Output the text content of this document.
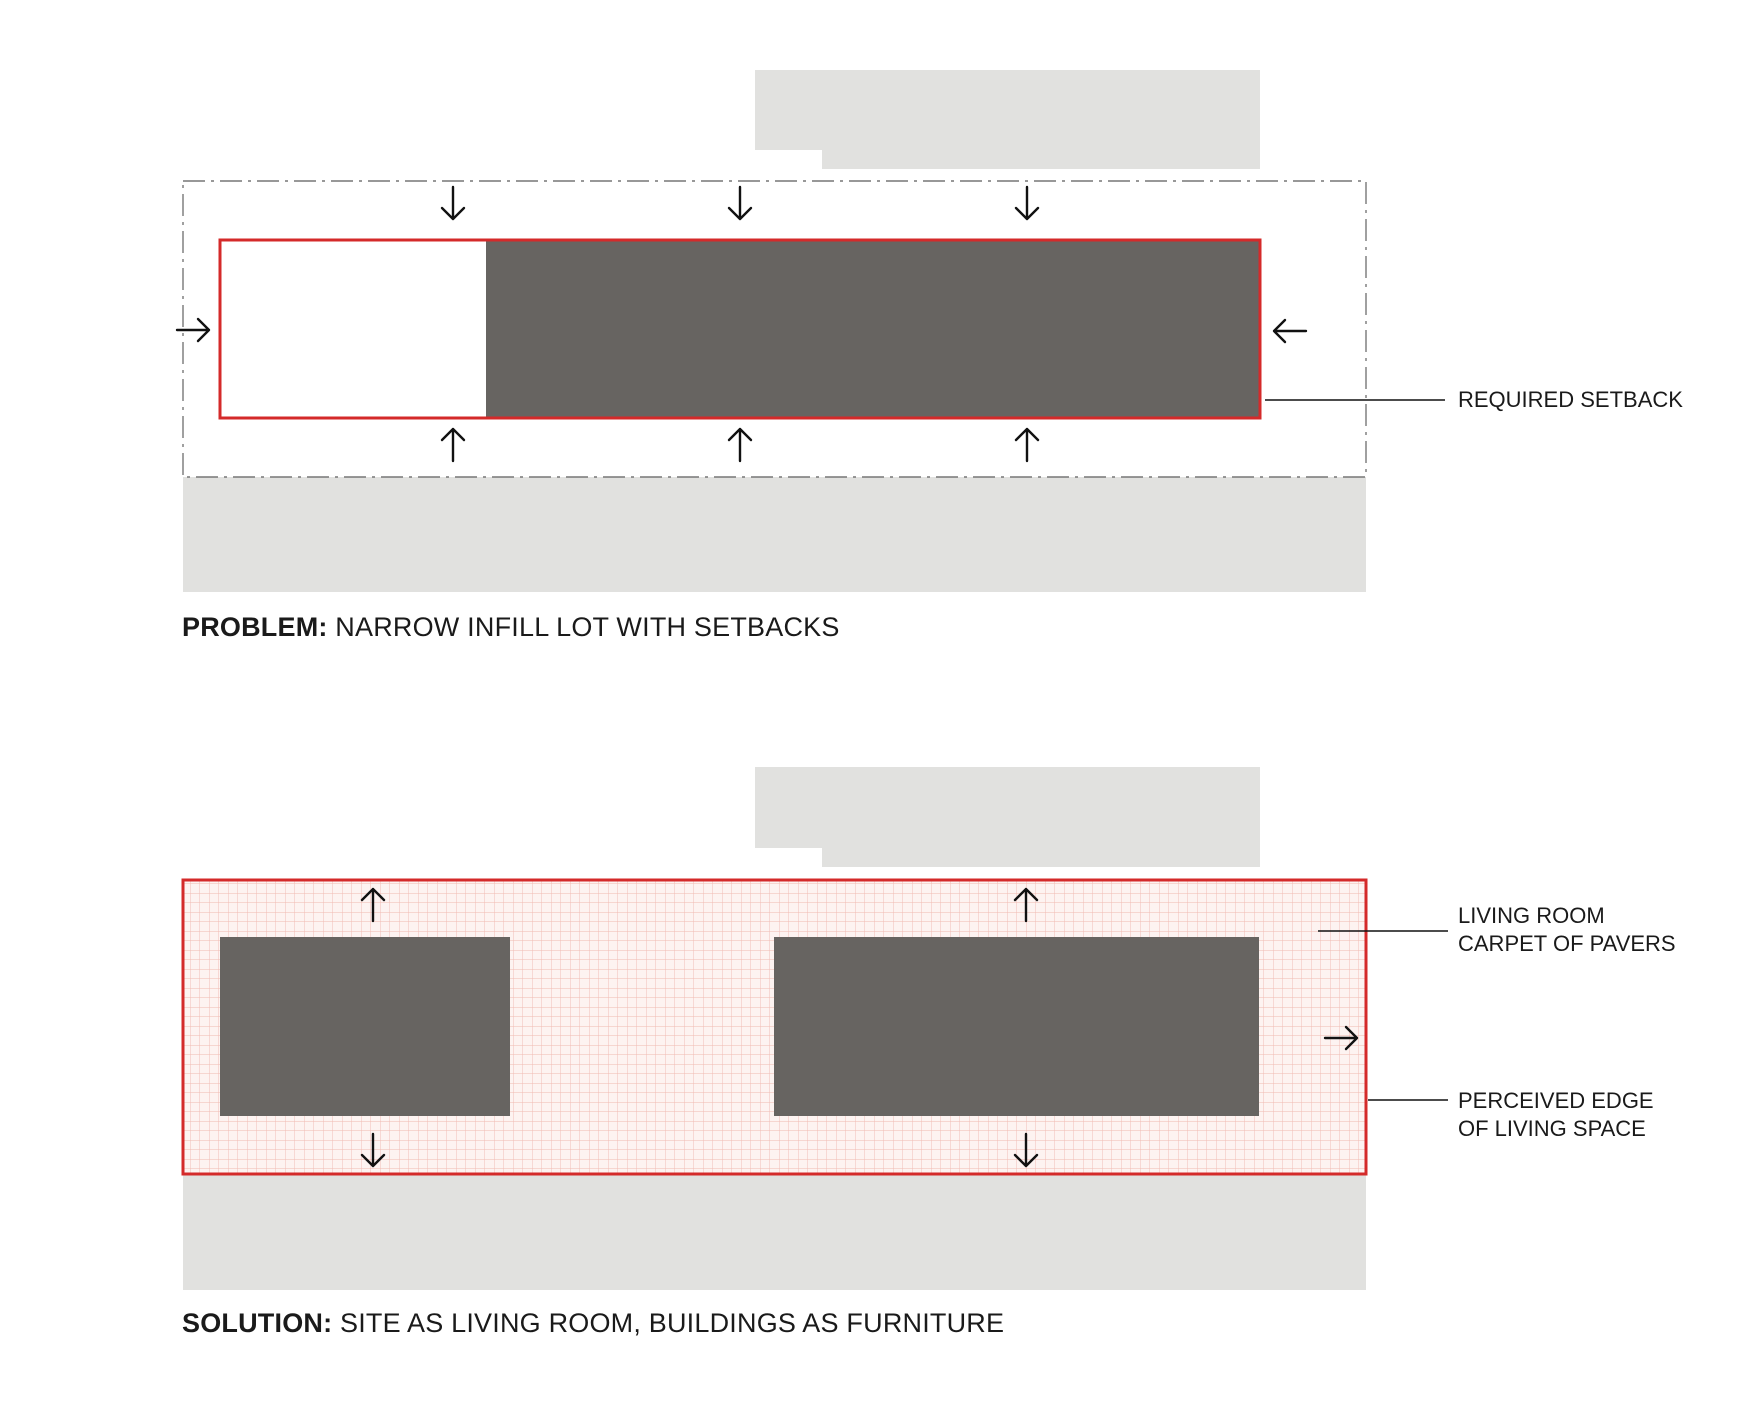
PROBLEM: NARROW INFILL LOT WITH SETBACKS
REQUIRED SETBACK
SOLUTION: SITE AS LIVING ROOM, BUILDINGS AS FURNITURE
LIVING ROOM
CARPET OF PAVERS
PERCEIVED EDGE
OF LIVING SPACE
